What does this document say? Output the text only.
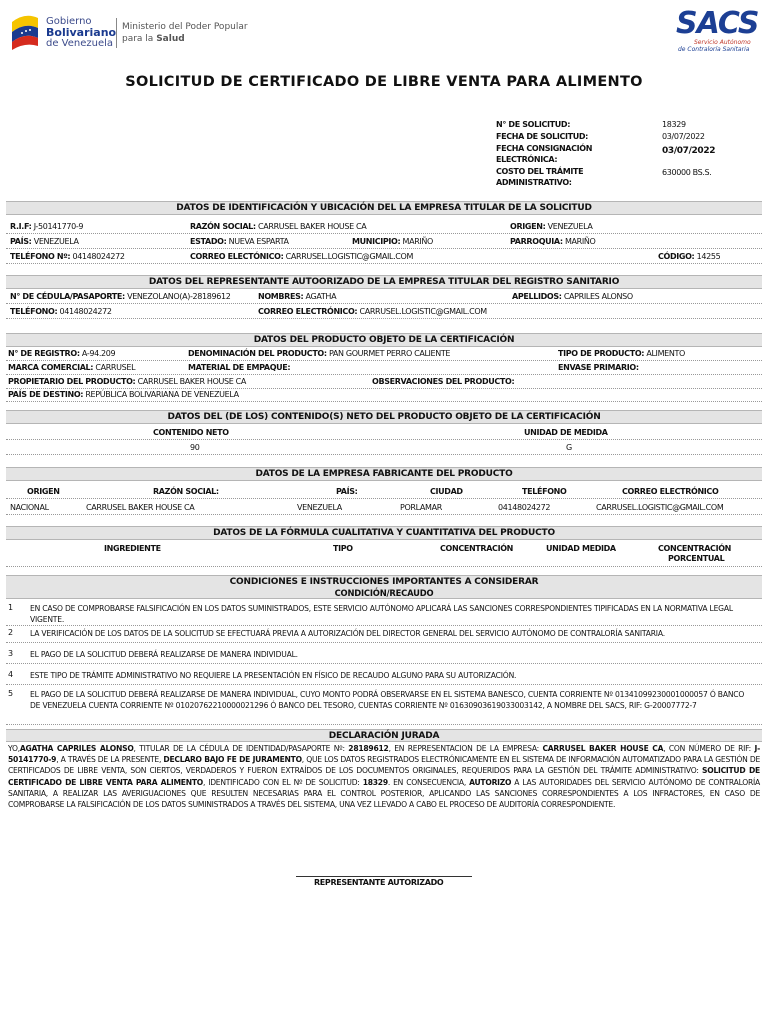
Gobierno
Bolivariano
de Venezuela
Ministerio del Poder Popular
para la Salud	SACS
Servicio Autónomo
de Contraloría Sanitaria
SOLICITUD DE CERTIFICADO DE LIBRE VENTA PARA ALIMENTO
N° DE SOLICITUD:	18329
FECHA DE SOLICITUD:	03/07/2022
FECHA CONSIGNACIÓN
ELECTRÓNICA:
03/07/2022
COSTO DEL TRÁMITE
ADMINISTRATIVO:
630000 BS.S.
DATOS DE IDENTIFICACIÓN Y UBICACIÓN DEL LA EMPRESA TITULAR DE LA SOLICITUD
R.I.F: J-50141770-9	RAZÓN SOCIAL: CARRUSEL BAKER HOUSE CA	ORIGEN: VENEZUELA
PAÍS: VENEZUELA	ESTADO: NUEVA ESPARTA	MUNICIPIO: MARIÑO	PARROQUIA: MARIÑO
TELÉFONO Nº: 04148024272	CORREO ELECTÓNICO: CARRUSEL.LOGISTIC@GMAIL.COM	CÓDIGO: 14255
DATOS DEL REPRESENTANTE AUTOORIZADO DE LA EMPRESA TITULAR DEL REGISTRO SANITARIO
N° DE CÉDULA/PASAPORTE: VENEZOLANO(A)-28189612	NOMBRES: AGATHA	APELLIDOS: CAPRILES ALONSO
TELÉFONO: 04148024272	CORREO ELECTRÓNICO: CARRUSEL.LOGISTIC@GMAIL.COM
DATOS DEL PRODUCTO OBJETO DE LA CERTIFICACIÓN
N° DE REGISTRO: A-94.209	DENOMINACIÓN DEL PRODUCTO: PAN GOURMET PERRO CALIENTE	TIPO DE PRODUCTO: ALIMENTO
MARCA COMERCIAL: CARRUSEL	MATERIAL DE EMPAQUE:	ENVASE PRIMARIO:
PROPIETARIO DEL PRODUCTO: CARRUSEL BAKER HOUSE CA	OBSERVACIONES DEL PRODUCTO:
PAÍS DE DESTINO: REPÚBLICA BOLIVARIANA DE VENEZUELA
DATOS DEL (DE LOS) CONTENIDO(S) NETO DEL PRODUCTO OBJETO DE LA CERTIFICACIÓN
CONTENIDO NETO	UNIDAD DE MEDIDA
90	G
DATOS DE LA EMPRESA FABRICANTE DEL PRODUCTO
ORIGEN	RAZÓN SOCIAL:	PAÍS:	CIUDAD	TELÉFONO	CORREO ELECTRÓNICO
NACIONAL	CARRUSEL BAKER HOUSE CA	VENEZUELA	PORLAMAR	04148024272	CARRUSEL.LOGISTIC@GMAIL.COM
DATOS DE LA FÓRMULA CUALITATIVA Y CUANTITATIVA DEL PRODUCTO
INGREDIENTE	TIPO	CONCENTRACIÓN	UNIDAD MEDIDA	CONCENTRACIÓN
PORCENTUAL
CONDICIONES E INSTRUCCIONES IMPORTANTES A CONSIDERAR
CONDICIÓN/RECAUDO
1 EN CASO DE COMPROBARSE FALSIFICACIÓN EN LOS DATOS SUMINISTRADOS, ESTE SERVICIO AUTÓNOMO APLICARÁ LAS SANCIONES CORRESPONDIENTES TIPIFICADAS EN LA NORMATIVA LEGAL VIGENTE.
2 LA VERIFICACIÓN DE LOS DATOS DE LA SOLICITUD SE EFECTUARÁ PREVIA A AUTORIZACIÓN DEL DIRECTOR GENERAL DEL SERVICIO AUTÓNOMO DE CONTRALORÍA SANITARIA.
3 EL PAGO DE LA SOLICITUD DEBERÁ REALIZARSE DE MANERA INDIVIDUAL.
4 ESTE TIPO DE TRÁMITE ADMINISTRATIVO NO REQUIERE LA PRESENTACIÓN EN FÍSICO DE RECAUDO ALGUNO PARA SU AUTORIZACIÓN.
5 EL PAGO DE LA SOLICITUD DEBERÁ REALIZARSE DE MANERA INDIVIDUAL, CUYO MONTO PODRÁ OBSERVARSE EN EL SISTEMA BANESCO, CUENTA CORRIENTE Nº 01341099230001000057 Ó BANCO DE VENEZUELA CUENTA CORRIENTE Nº 01020762210000021296 Ó BANCO DEL TESORO, CUENTAS CORRIENTE Nº 01630903619033003142, A NOMBRE DEL SACS, RIF: G-20007772-7
DECLARACIÓN JURADA
YO,AGATHA CAPRILES ALONSO, TITULAR DE LA CÉDULA DE IDENTIDAD/PASAPORTE Nº: 28189612, EN REPRESENTACION DE LA EMPRESA: CARRUSEL BAKER HOUSE CA, CON NÚMERO DE RIF: J-50141770-9, A TRAVÉS DE LA PRESENTE, DECLARO BAJO FE DE JURAMENTO, QUE LOS DATOS REGISTRADOS ELECTRÓNICAMENTE EN EL SISTEMA DE INFORMACIÓN AUTOMATIZADO PARA LA GESTIÓN DE CERTIFICADOS DE LIBRE VENTA, SON CIERTOS, VERDADEROS Y FUERON EXTRAÍDOS DE LOS DOCUMENTOS ORIGINALES, REQUERIDOS PARA LA GESTIÓN DEL TRÁMITE ADMINISTRATIVO: SOLICITUD DE CERTIFICADO DE LIBRE VENTA PARA ALIMENTO, IDENTIFICADO CON EL Nº DE SOLICITUD: 18329. EN CONSECUENCIA, AUTORIZO A LAS AUTORIDADES DEL SERVICIO AUTÓNOMO DE CONTRALORÍA SANITARIA, A REALIZAR LAS AVERIGUACIONES QUE RESULTEN NECESARIAS PARA EL CONTROL POSTERIOR, APLICANDO LAS SANCIONES CORRESPONDIENTES A LOS INFRACTORES, EN CASO DE COMPROBARSE LA FALSIFICACIÓN DE LOS DATOS SUMINISTRADOS A TRAVÉS DEL SISTEMA, UNA VEZ LLEVADO A CABO EL PROCESO DE AUDITORÍA CORRESPONDIENTE.
REPRESENTANTE AUTORIZADO
